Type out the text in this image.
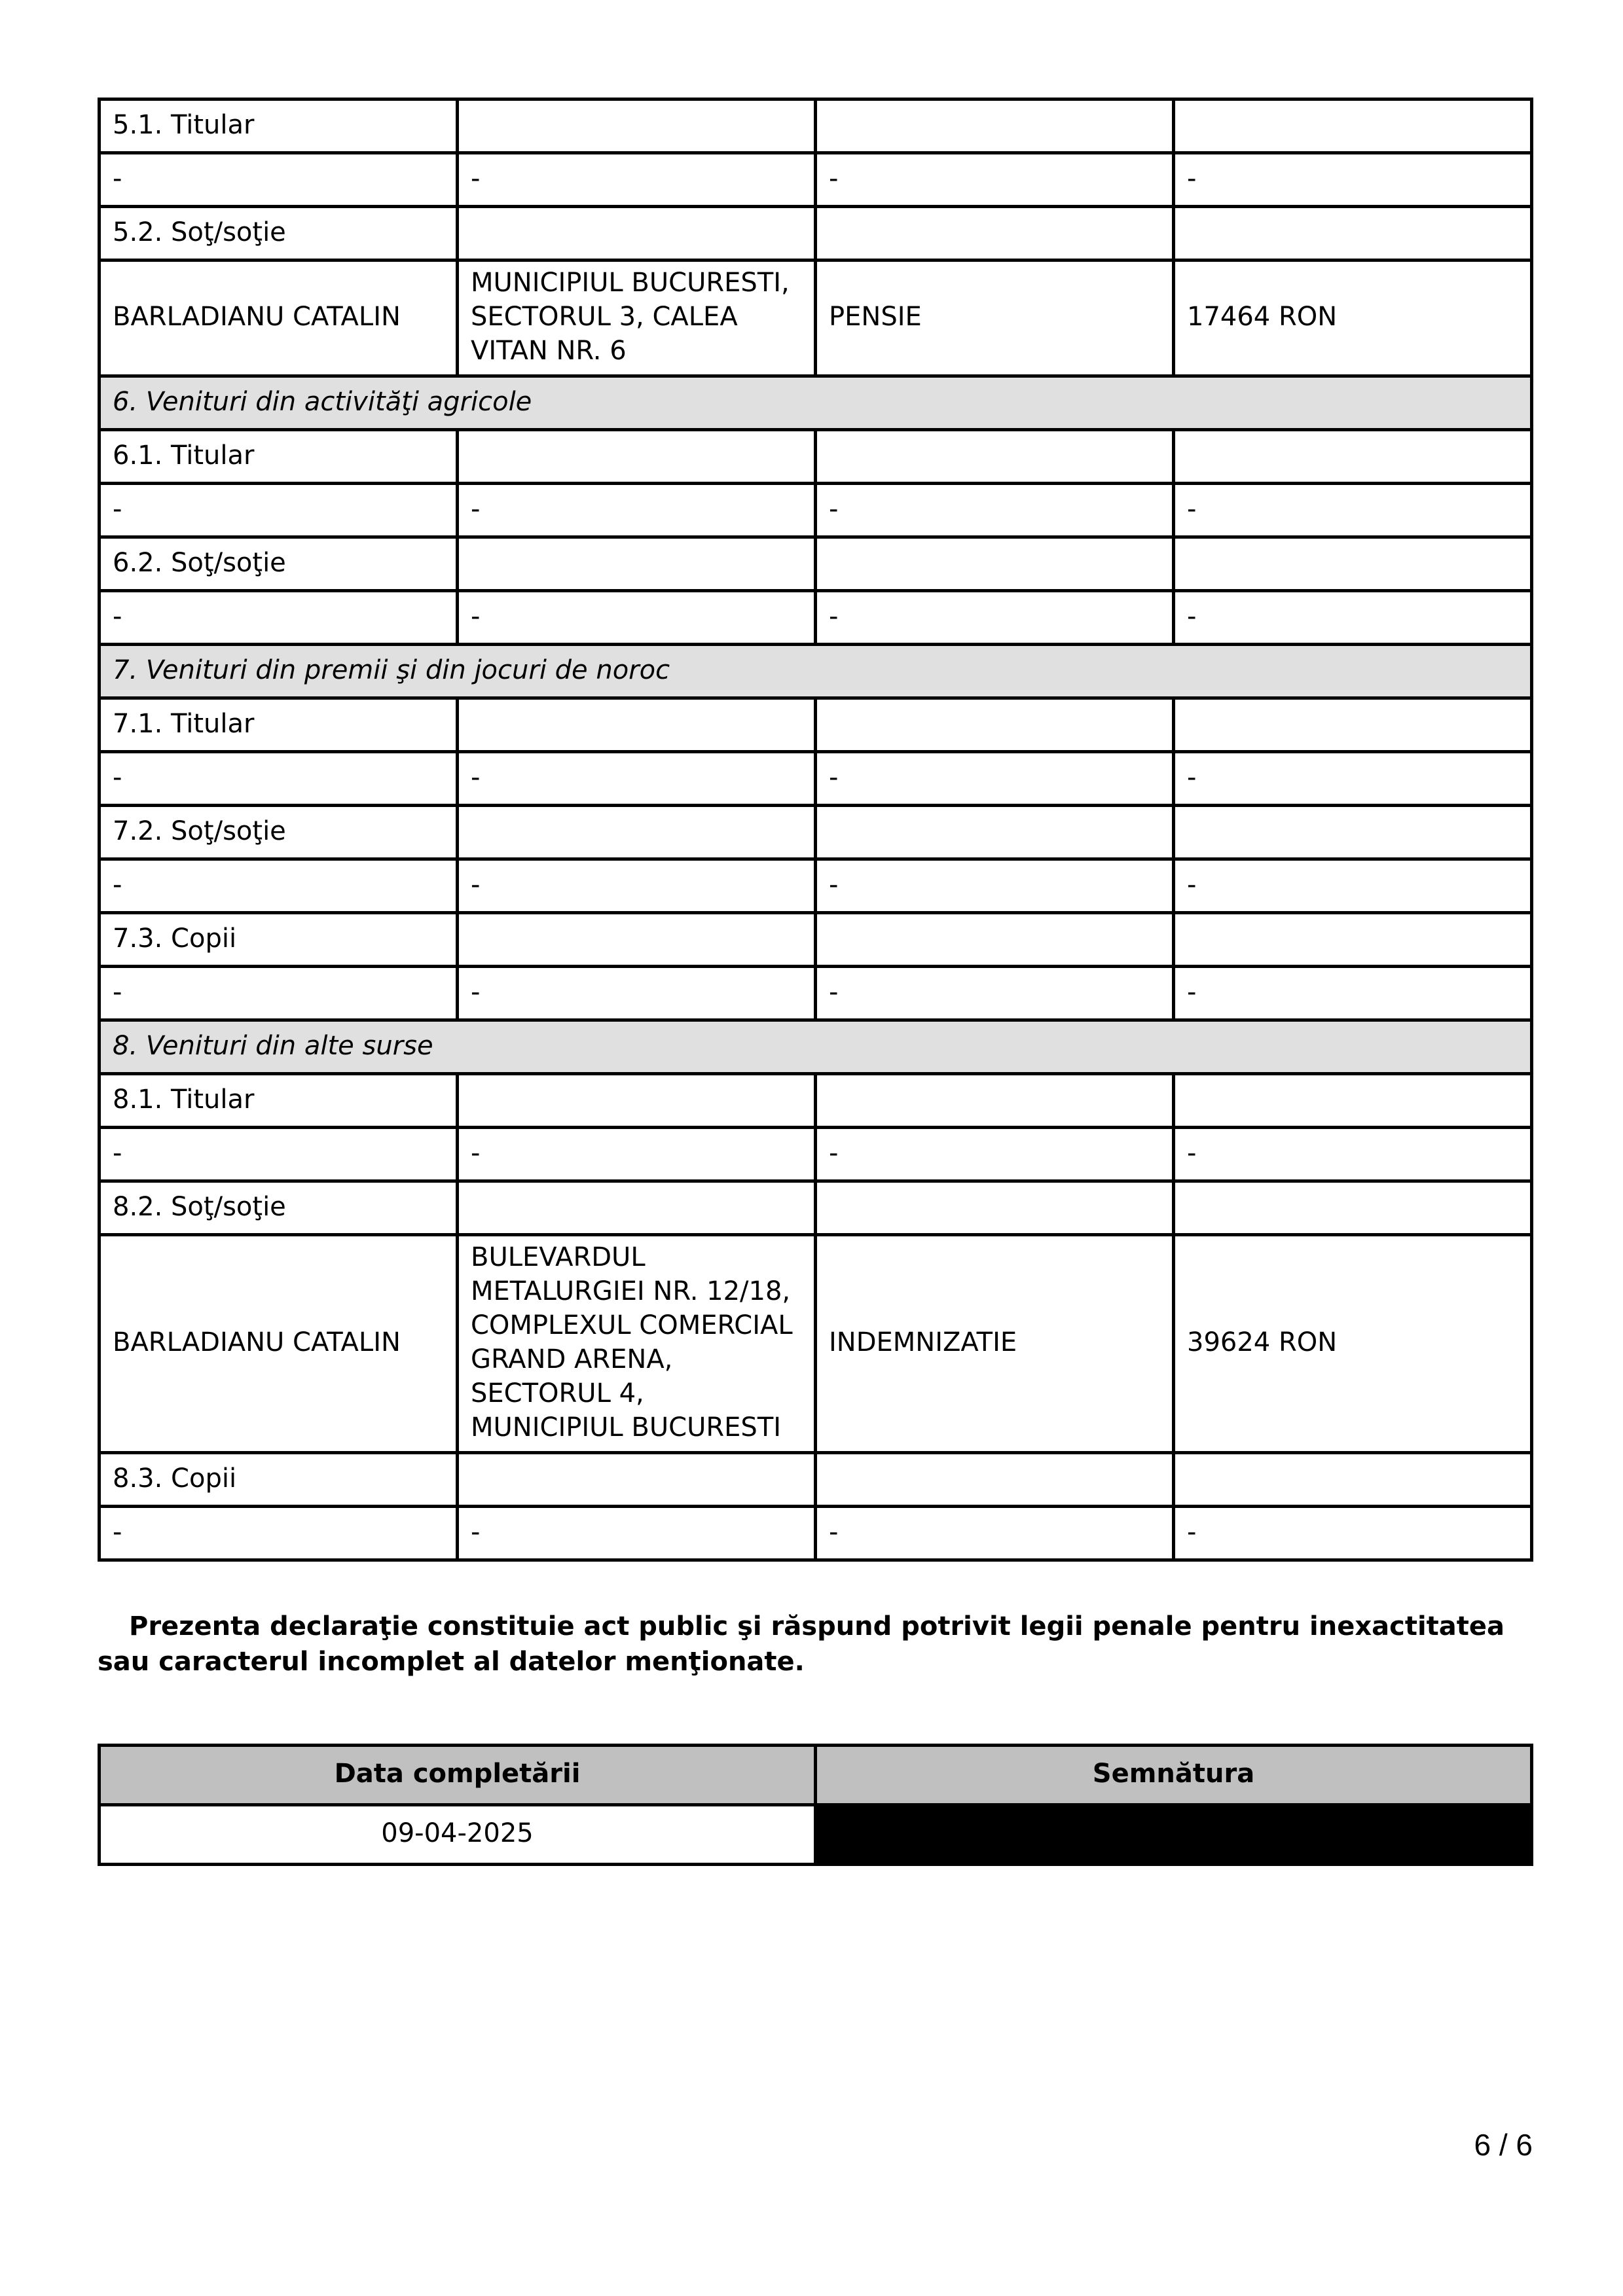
5.1. Titular			
-	-	-	-
5.2. Soţ/soţie			
BARLADIANU CATALIN	MUNICIPIUL BUCURESTI, SECTORUL 3, CALEA VITAN NR. 6	PENSIE	17464 RON
6. Venituri din activităţi agricole			
6.1. Titular			
-	-	-	-
6.2. Soţ/soţie			
-	-	-	-
7. Venituri din premii şi din jocuri de noroc			
7.1. Titular			
-	-	-	-
7.2. Soţ/soţie			
-	-	-	-
7.3. Copii			
-	-	-	-
8. Venituri din alte surse			
8.1. Titular			
-	-	-	-
8.2. Soţ/soţie			
BARLADIANU CATALIN	BULEVARDUL METALURGIEI NR. 12/18, COMPLEXUL COMERCIAL GRAND ARENA, SECTORUL 4, MUNICIPIUL BUCURESTI	INDEMNIZATIE	39624 RON
8.3. Copii			
-	-	-	-
Prezenta declaraţie constituie act public şi răspund potrivit legii penale pentru inexactitatea sau caracterul incomplet al datelor menţionate.
Data completării	Semnătura
09-04-2025	
6 / 6
